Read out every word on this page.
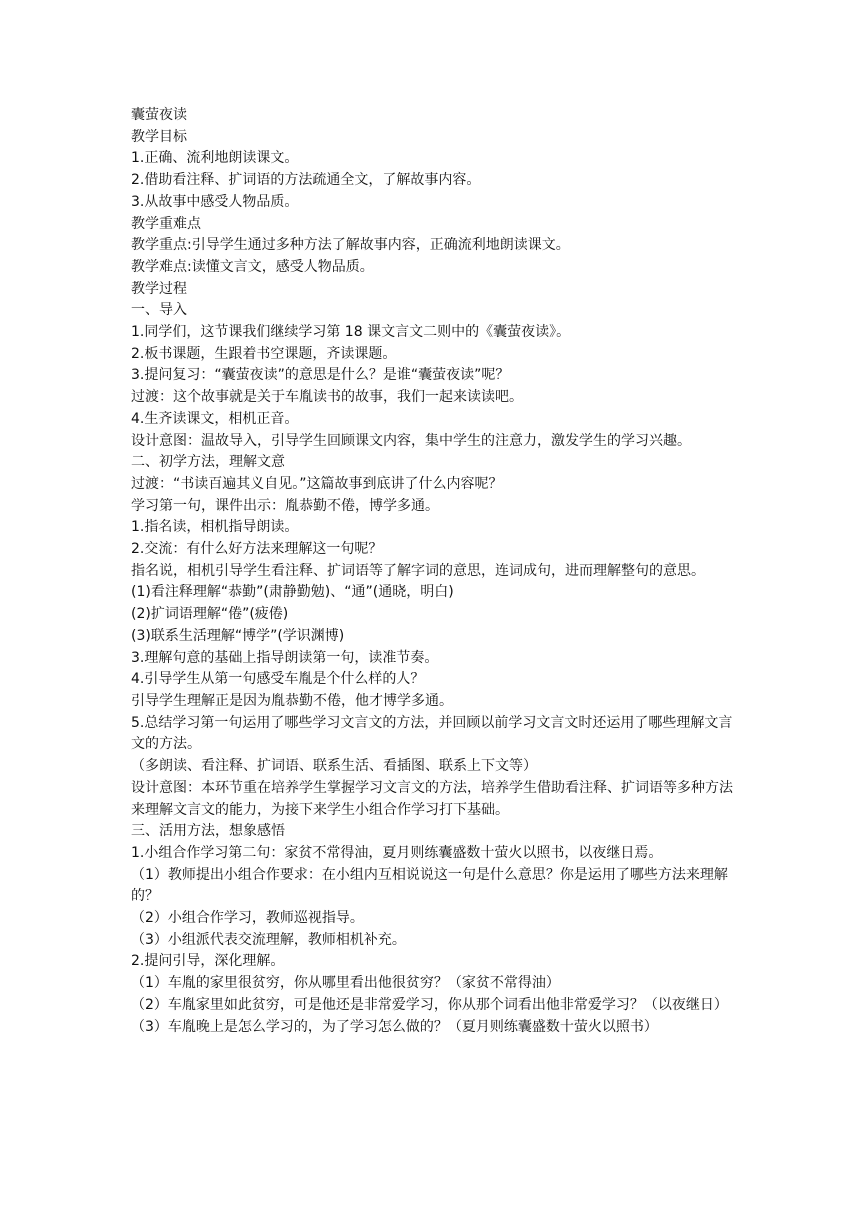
囊萤夜读

教学目标

1.正确、流利地朗读课文。

2.借助看注释、扩词语的方法疏通全文，了解故事内容。

3.从故事中感受人物品质。

教学重难点

教学重点:引导学生通过多种方法了解故事内容，正确流利地朗读课文。

教学难点:读懂文言文，感受人物品质。

教学过程

一、导入

1.同学们，这节课我们继续学习第 18 课文言文二则中的《囊萤夜读》。

2.板书课题，生跟着书空课题，齐读课题。

3.提问复习：“囊萤夜读”的意思是什么？是谁“囊萤夜读”呢？

过渡：这个故事就是关于车胤读书的故事，我们一起来读读吧。

4.生齐读课文，相机正音。

设计意图：温故导入，引导学生回顾课文内容，集中学生的注意力，激发学生的学习兴趣。

二、初学方法，理解文意

过渡：“书读百遍其义自见。”这篇故事到底讲了什么内容呢？

学习第一句，课件出示：胤恭勤不倦，博学多通。

1.指名读，相机指导朗读。

2.交流：有什么好方法来理解这一句呢？

指名说，相机引导学生看注释、扩词语等了解字词的意思，连词成句，进而理解整句的意思。

(1)看注释理解“恭勤”(肃静勤勉)、“通”(通晓，明白)

(2)扩词语理解“倦”(疲倦)

(3)联系生活理解“博学”(学识渊博)

3.理解句意的基础上指导朗读第一句，读准节奏。

4.引导学生从第一句感受车胤是个什么样的人？

引导学生理解正是因为胤恭勤不倦，他才博学多通。

5.总结学习第一句运用了哪些学习文言文的方法，并回顾以前学习文言文时还运用了哪些理解文言文的方法。

（多朗读、看注释、扩词语、联系生活、看插图、联系上下文等）

设计意图：本环节重在培养学生掌握学习文言文的方法，培养学生借助看注释、扩词语等多种方法来理解文言文的能力，为接下来学生小组合作学习打下基础。

三、活用方法，想象感悟

1.小组合作学习第二句：家贫不常得油，夏月则练囊盛数十萤火以照书，以夜继日焉。

（1）教师提出小组合作要求：在小组内互相说说这一句是什么意思？你是运用了哪些方法来理解的？

（2）小组合作学习，教师巡视指导。

（3）小组派代表交流理解，教师相机补充。

2.提问引导，深化理解。

（1）车胤的家里很贫穷，你从哪里看出他很贫穷？（家贫不常得油）

（2）车胤家里如此贫穷，可是他还是非常爱学习，你从那个词看出他非常爱学习？（以夜继日）

（3）车胤晚上是怎么学习的，为了学习怎么做的？（夏月则练囊盛数十萤火以照书）
